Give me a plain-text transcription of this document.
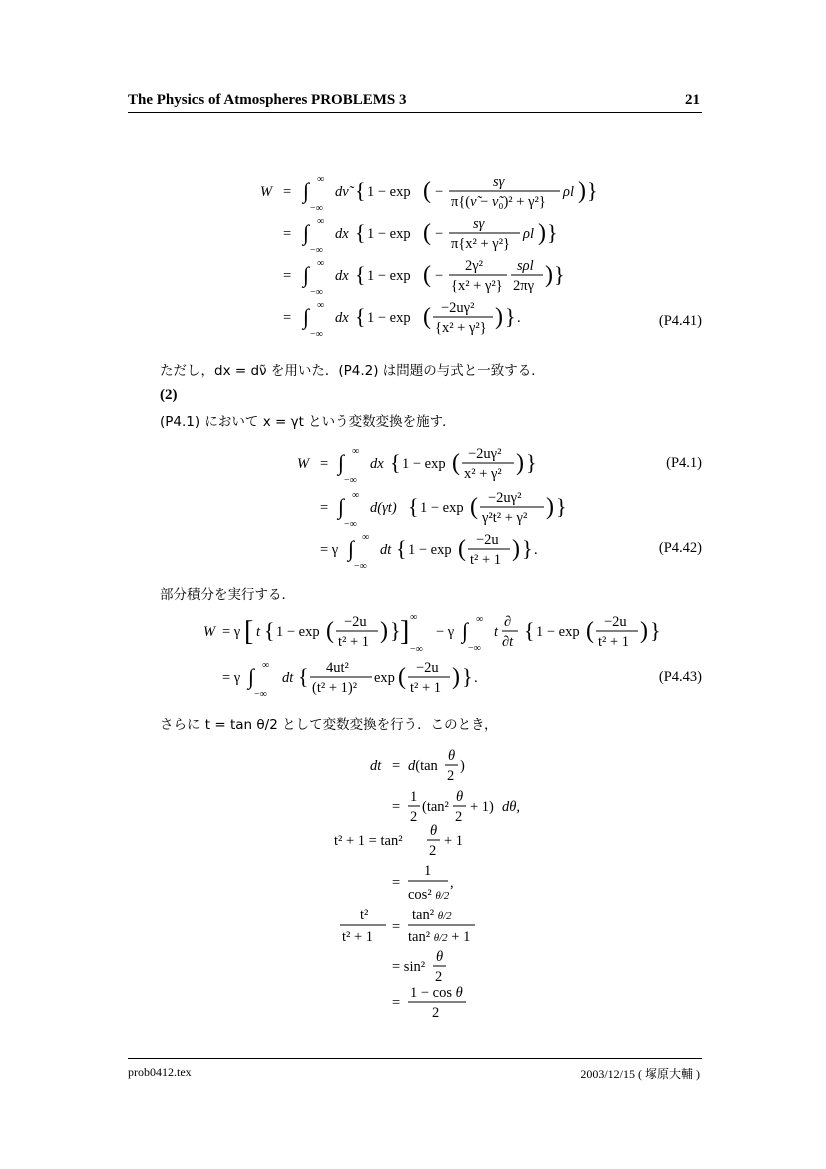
The Physics of Atmospheres PROBLEMS 3	21
W = ∫ ∞
−∞
dν̃ { 1 − exp ( −
sγ
π{(ν̃ − ν̃₀)² + γ²}
ρl ) }
= ∫ ∞
−∞
dx { 1 − exp ( −
sγ
π{x² + γ²}
ρl ) }
= ∫ ∞
−∞
dx { 1 − exp ( −
2γ²
{x² + γ²}
sρl
2πγ ) }
= ∫ ∞
−∞
dx { 1 − exp ( −2uγ²
{x² + γ²} ) } .	(P4.41)
ただし，dx = dν̃ を用いた．(P4.2) は問題の与式と一致する．
(2)
(P4.1) において x = γt という変数変換を施す．
W = ∫ ∞
−∞
dx { 1 − exp ( −2uγ²
x² + γ² ) }
= ∫ ∞
−∞
d(γt) { 1 − exp ( −2uγ²
γ²t² + γ² ) }
= γ ∫ ∞
−∞
dt { 1 − exp ( −2u
t² + 1 ) } .
(P4.1)
(P4.42)
部分積分を実行する．
W = γ [ t { 1 − exp ( −2u
t² + 1 ) } ] ∞
−∞
− γ ∫ ∞
−∞
t
∂
∂t { 1 − exp ( −2u
t² + 1 ) }
= γ ∫ ∞
−∞
dt { 4ut²
(t² + 1)²
exp ( −2u
t² + 1 ) } .	(P4.43)
さらに t = tan θ/2 として変数変換を行う．このとき，
dt = d(tan
θ
2
)
=
1
2
(tan²
θ
2
+ 1) dθ,
t² + 1 = tan²
θ
2
+ 1
=
1
cos² θ/2
,
t²
t² + 1
=
tan² θ/2
tan² θ/2 + 1
= sin²
θ
2
=
1 − cos θ
2
prob0412.tex	2003/12/15 ( 塚原大輔 )
